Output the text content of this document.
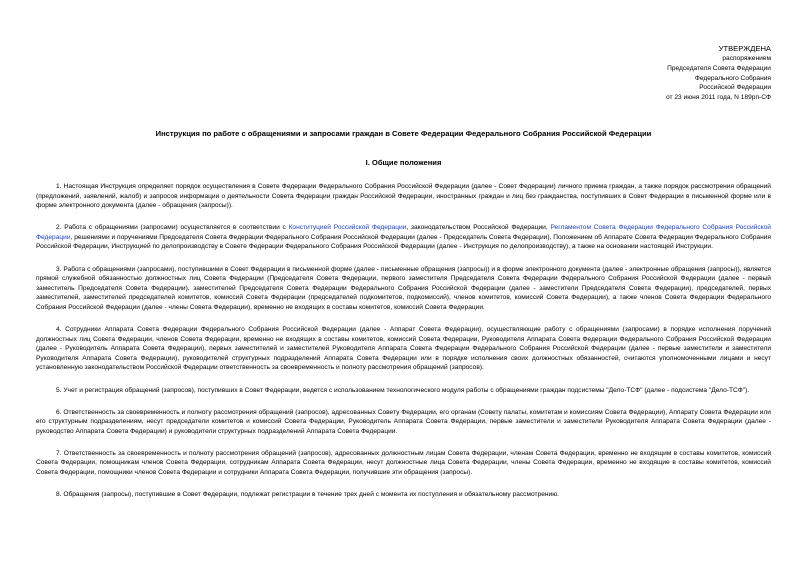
УТВЕРЖДЕНА
распоряжением
Председателя Совета Федерации
Федерального Собрания
Российской Федерации
от 23 июня 2011 года, N 189рп-СФ
Инструкция по работе с обращениями и запросами граждан в Совете Федерации Федерального Собрания Российской Федерации
I. Общие положения

1. Настоящая Инструкция определяет порядок осуществления в Совете Федерации Федерального Собрания Российской Федерации (далее - Совет Федерации) личного приема граждан, а также порядок рассмотрения обращений (предложений, заявлений, жалоб) и запросов информации о деятельности Совета Федерации граждан Российской Федерации, иностранных граждан и лиц без гражданства, поступивших в Совет Федерации в письменной форме или в форме электронного документа (далее - обращения (запросы)).

2. Работа с обращениями (запросами) осуществляется в соответствии с Конституцией Российской Федерации, законодательством Российской Федерации, Регламентом Совета Федерации Федерального Собрания Российской Федерации, решениями и поручениями Председателя Совета Федерации Федерального Собрания Российской Федерации (далее - Председатель Совета Федерации), Положением об Аппарате Совета Федерации Федерального Собрания Российской Федерации, Инструкцией по делопроизводству в Совете Федерации Федерального Собрания Российской Федерации (далее - Инструкция по делопроизводству), а также на основании настоящей Инструкции.

3. Работа с обращениями (запросами), поступившими в Совет Федерации в письменной форме (далее - письменные обращения (запросы)) и в форме электронного документа (далее - электронные обращения (запросы)), является прямой служебной обязанностью должностных лиц Совета Федерации (Председателя Совета Федерации, первого заместителя Председателя Совета Федерации Федерального Собрания Российской Федерации (далее - первый заместитель Председателя Совета Федерации), заместителей Председателя Совета Федерации Федерального Собрания Российской Федерации (далее - заместители Председателя Совета Федерации), председателей, первых заместителей, заместителей председателей комитетов, комиссий Совета Федерации (председателей подкомитетов, подкомиссий), членов комитетов, комиссий Совета Федерации), а также членов Совета Федерации Федерального Собрания Российской Федерации (далее - члены Совета Федерации), временно не входящих в составы комитетов, комиссий Совета Федерации.

4. Сотрудники Аппарата Совета Федерации Федерального Собрания Российской Федерации (далее - Аппарат Совета Федерации), осуществляющие работу с обращениями (запросами) в порядке исполнения поручений должностных лиц Совета Федерации, членов Совета Федерации, временно не входящих в составы комитетов, комиссий Совета Федерации, Руководителя Аппарата Совета Федерации Федерального Собрания Российской Федерации (далее - Руководитель Аппарата Совета Федерации), первых заместителей и заместителей Руководителя Аппарата Совета Федерации Федерального Собрания Российской Федерации (далее - первые заместители и заместители Руководителя Аппарата Совета Федерации), руководителей структурных подразделений Аппарата Совета Федерации или в порядке исполнения своих должностных обязанностей, считаются уполномоченными лицами и несут установленную законодательством Российской Федерации ответственность за своевременность и полноту рассмотрения обращений (запросов).

5. Учет и регистрация обращений (запросов), поступивших в Совет Федерации, ведется с использованием технологического модуля работы с обращениями граждан подсистемы "Дело-ТСФ" (далее - подсистема "Дело-ТСФ").

6. Ответственность за своевременность и полноту рассмотрения обращений (запросов), адресованных Совету Федерации, его органам (Совету палаты, комитетам и комиссиям Совета Федерации), Аппарату Совета Федерации или его структурным подразделениям, несут председатели комитетов и комиссий Совета Федерации, Руководитель Аппарата Совета Федерации, первые заместители и заместители Руководителя Аппарата Совета Федерации (далее - руководство Аппарата Совета Федерации) и руководители структурных подразделений Аппарата Совета Федерации.

7. Ответственность за своевременность и полноту рассмотрения обращений (запросов), адресованных должностным лицам Совета Федерации, членам Совета Федерации, временно не входящим в составы комитетов, комиссий Совета Федерации, помощникам членов Совета Федерации, сотрудникам Аппарата Совета Федерации, несут должностные лица Совета Федерации, члены Совета Федерации, временно не входящие в составы комитетов, комиссий Совета Федерации, помощники членов Совета Федерации и сотрудники Аппарата Совета Федерации, получившие эти обращения (запросы).

8. Обращения (запросы), поступившие в Совет Федерации, подлежат регистрации в течение трех дней с момента их поступления и обязательному рассмотрению.
